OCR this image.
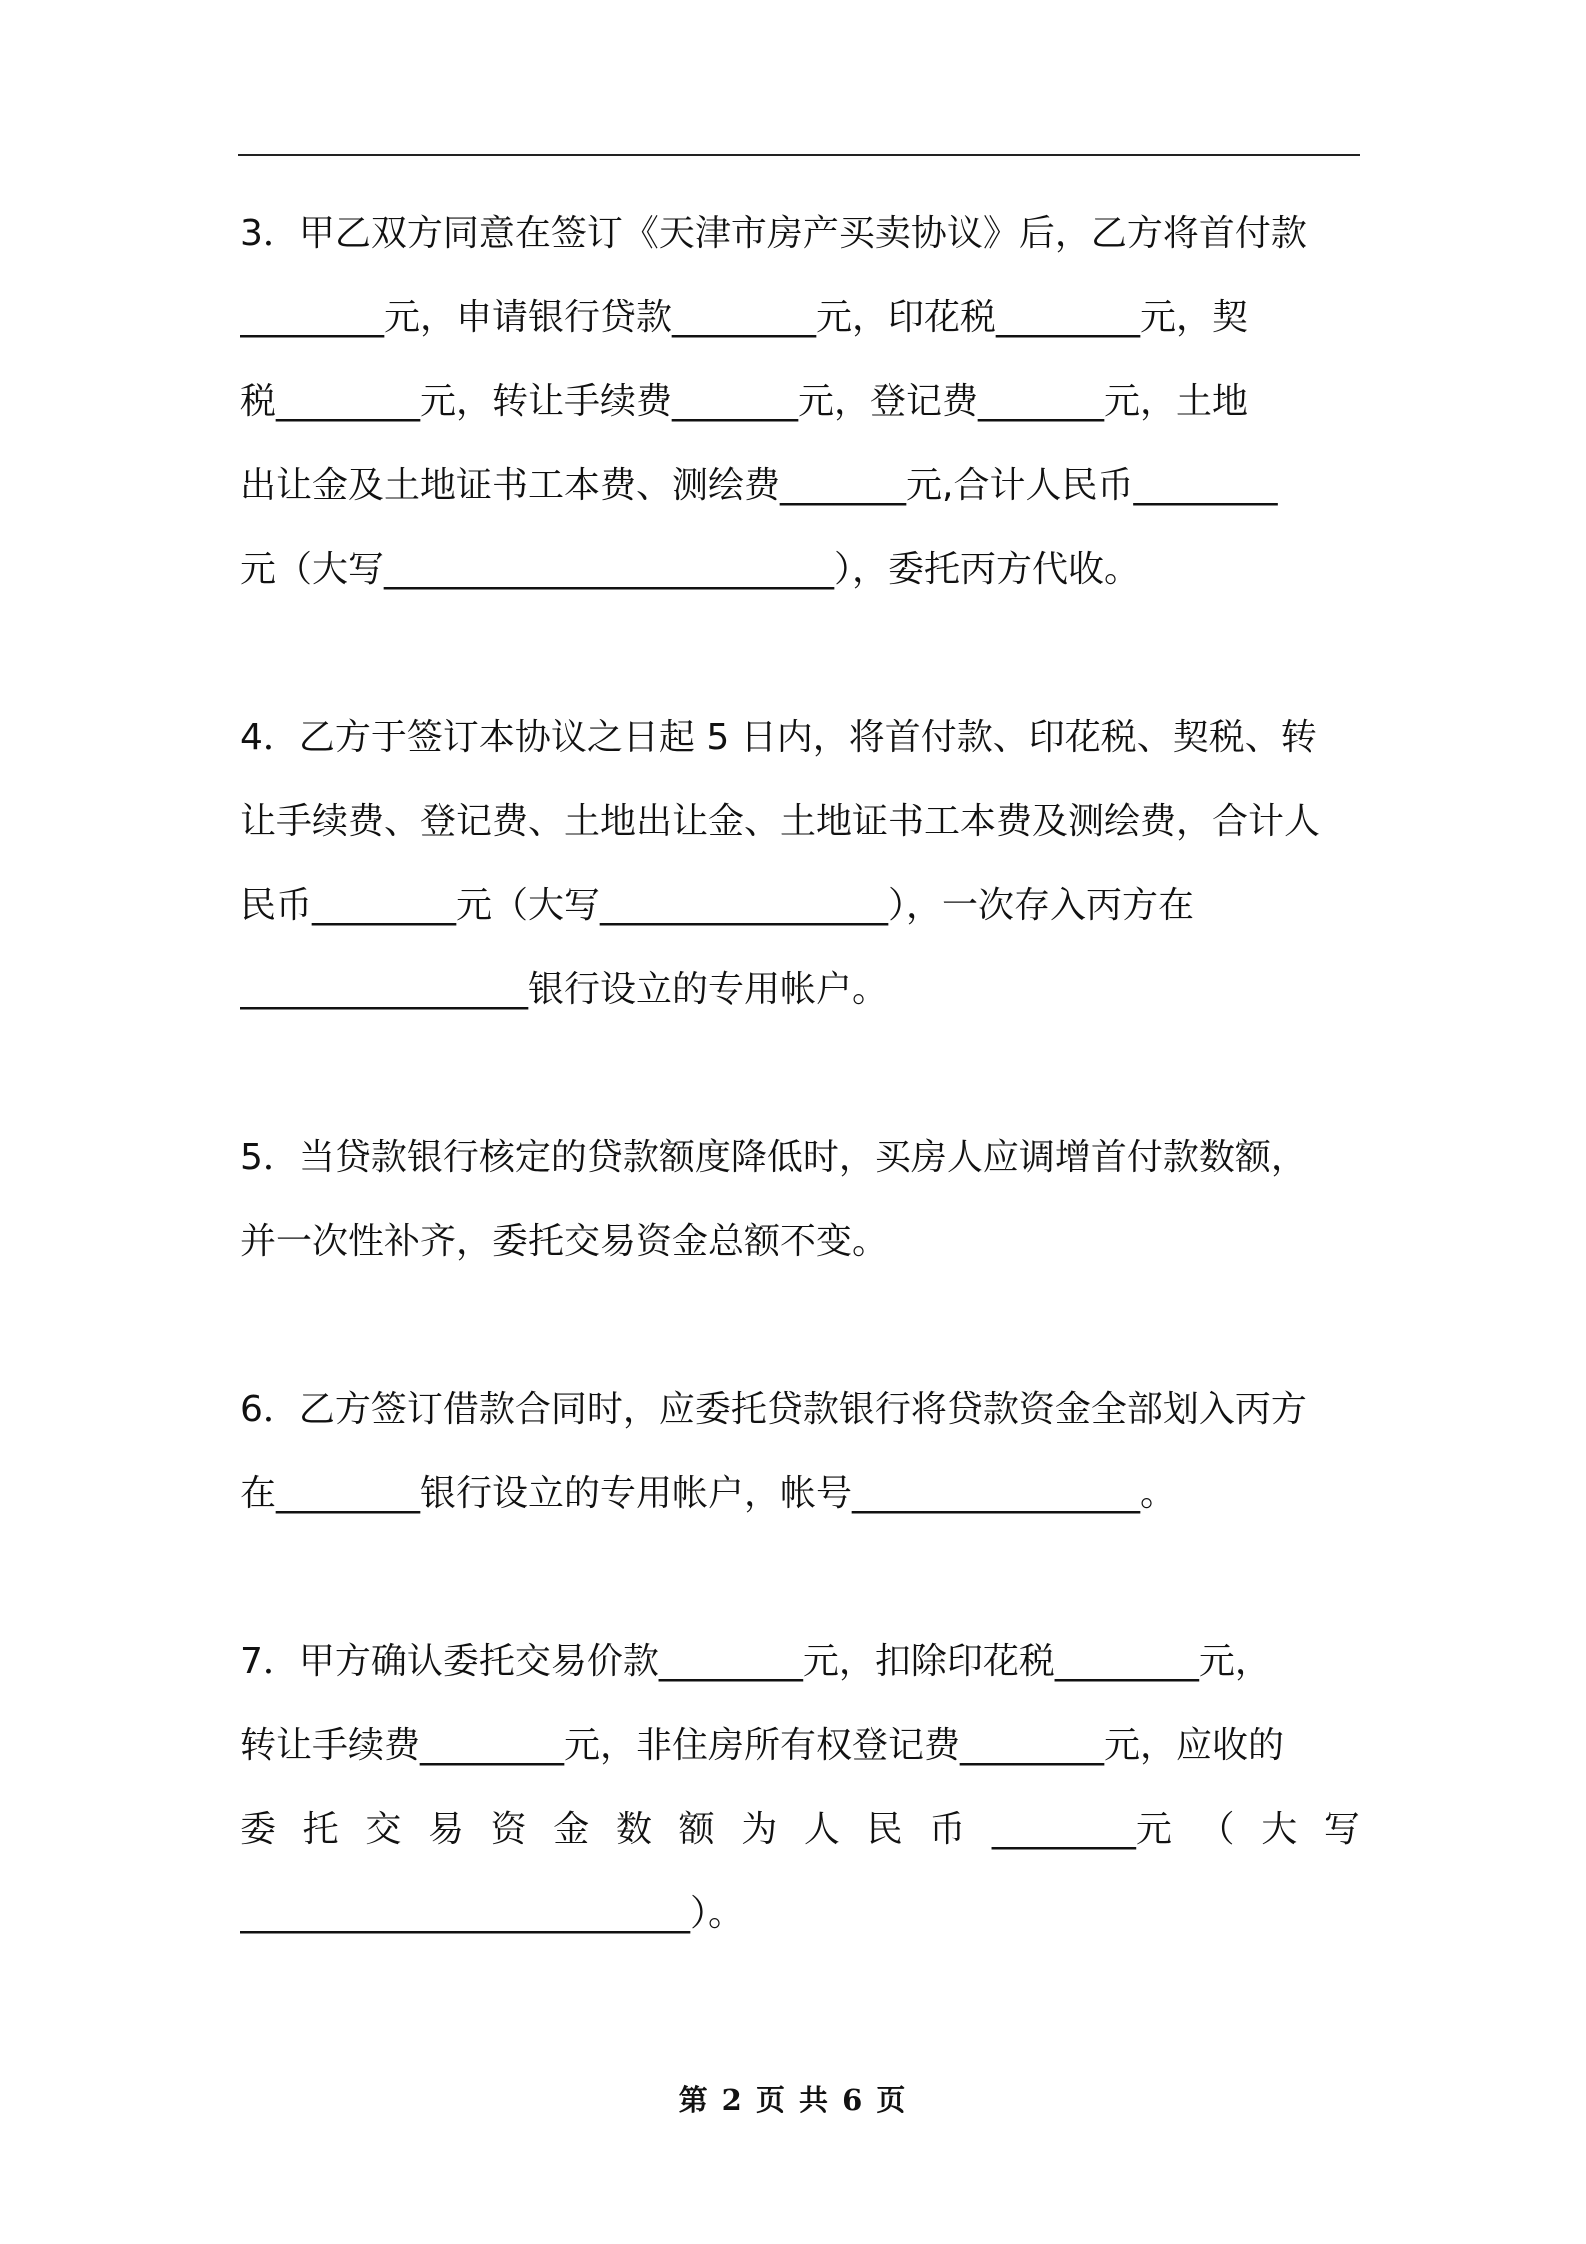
3．甲乙双方同意在签订《天津市房产买卖协议》后，乙方将首付款
________元，申请银行贷款________元，印花税________元，契
税________元，转让手续费_______元，登记费_______元，土地
出让金及土地证书工本费、测绘费_______元,合计人民币________
元（大写_________________________），委托丙方代收。
4．乙方于签订本协议之日起 5 日内，将首付款、印花税、契税、转
让手续费、登记费、土地出让金、土地证书工本费及测绘费，合计人
民币________元（大写________________），一次存入丙方在
________________银行设立的专用帐户。
5．当贷款银行核定的贷款额度降低时，买房人应调增首付款数额，
并一次性补齐，委托交易资金总额不变。
6．乙方签订借款合同时，应委托贷款银行将贷款资金全部划入丙方
在________银行设立的专用帐户，帐号________________。
7．甲方确认委托交易价款________元，扣除印花税________元，
转让手续费________元，非住房所有权登记费________元，应收的
委 托 交 易 资 金 数 额 为 人 民 币 ________元 （ 大 写
_________________________）。
第 2 页 共 6 页
